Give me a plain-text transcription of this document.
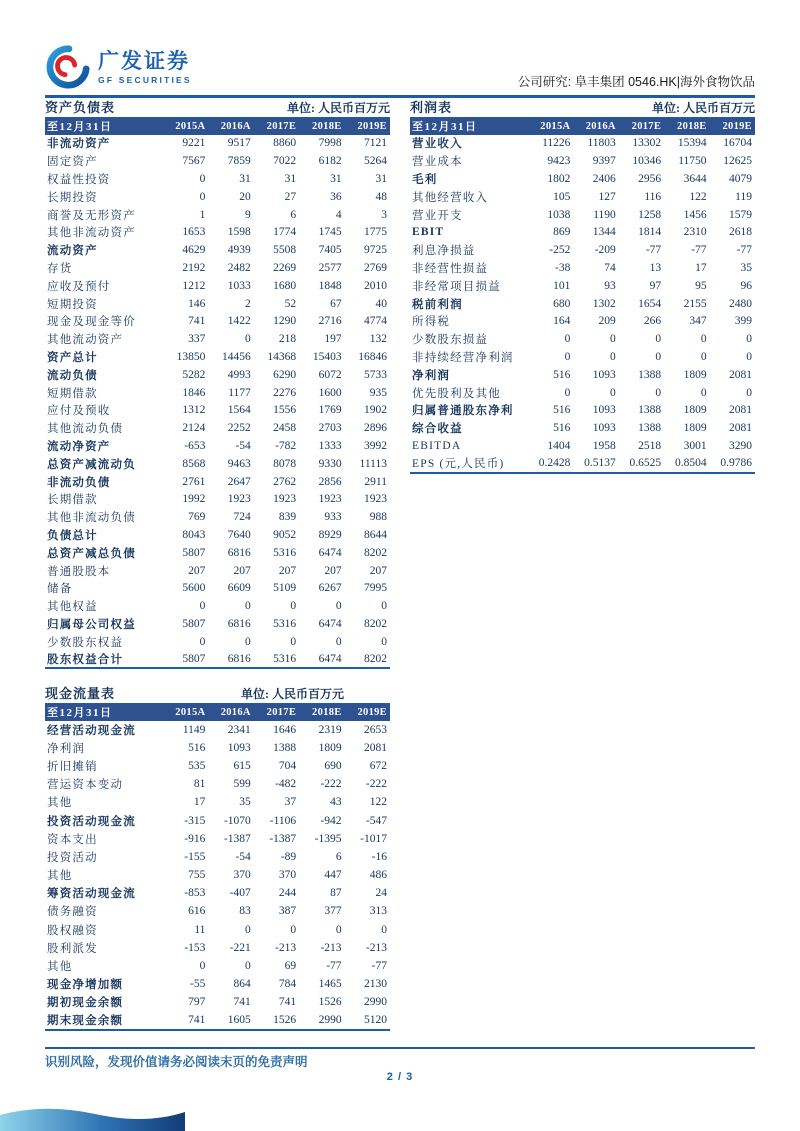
广发证券
GF SECURITIES	公司研究: 阜丰集团 0546.HK|海外食物饮品
资产负债表	单位: 人民币百万元
至12月31日	2015A	2016A	2017E	2018E	2019E
非流动资产	9221	9517	8860	7998	7121
固定资产	7567	7859	7022	6182	5264
权益性投资	0	31	31	31	31
长期投资	0	20	27	36	48
商誉及无形资产	1	9	6	4	3
其他非流动资产	1653	1598	1774	1745	1775
流动资产	4629	4939	5508	7405	9725
存货	2192	2482	2269	2577	2769
应收及预付	1212	1033	1680	1848	2010
短期投资	146	2	52	67	40
现金及现金等价	741	1422	1290	2716	4774
其他流动资产	337	0	218	197	132
资产总计	13850	14456	14368	15403	16846
流动负债	5282	4993	6290	6072	5733
短期借款	1846	1177	2276	1600	935
应付及预收	1312	1564	1556	1769	1902
其他流动负债	2124	2252	2458	2703	2896
流动净资产	-653	-54	-782	1333	3992
总资产减流动负	8568	9463	8078	9330	11113
非流动负债	2761	2647	2762	2856	2911
长期借款	1992	1923	1923	1923	1923
其他非流动负债	769	724	839	933	988
负债总计	8043	7640	9052	8929	8644
总资产减总负债	5807	6816	5316	6474	8202
普通股股本	207	207	207	207	207
储备	5600	6609	5109	6267	7995
其他权益	0	0	0	0	0
归属母公司权益	5807	6816	5316	6474	8202
少数股东权益	0	0	0	0	0
股东权益合计	5807	6816	5316	6474	8202
利润表	单位: 人民币百万元
至12月31日	2015A	2016A	2017E	2018E	2019E
营业收入	11226	11803	13302	15394	16704
营业成本	9423	9397	10346	11750	12625
毛利	1802	2406	2956	3644	4079
其他经营收入	105	127	116	122	119
营业开支	1038	1190	1258	1456	1579
EBIT	869	1344	1814	2310	2618
利息净损益	-252	-209	-77	-77	-77
非经营性损益	-38	74	13	17	35
非经常项目损益	101	93	97	95	96
税前利润	680	1302	1654	2155	2480
所得税	164	209	266	347	399
少数股东损益	0	0	0	0	0
非持续经营净利润	0	0	0	0	0
净利润	516	1093	1388	1809	2081
优先股利及其他	0	0	0	0	0
归属普通股东净利	516	1093	1388	1809	2081
综合收益	516	1093	1388	1809	2081
EBITDA	1404	1958	2518	3001	3290
EPS (元,人民币)	0.2428	0.5137	0.6525	0.8504	0.9786
现金流量表	单位: 人民币百万元
至12月31日	2015A	2016A	2017E	2018E	2019E
经营活动现金流	1149	2341	1646	2319	2653
净利润	516	1093	1388	1809	2081
折旧摊销	535	615	704	690	672
营运资本变动	81	599	-482	-222	-222
其他	17	35	37	43	122
投资活动现金流	-315	-1070	-1106	-942	-547
资本支出	-916	-1387	-1387	-1395	-1017
投资活动	-155	-54	-89	6	-16
其他	755	370	370	447	486
筹资活动现金流	-853	-407	244	87	24
债务融资	616	83	387	377	313
股权融资	11	0	0	0	0
股利派发	-153	-221	-213	-213	-213
其他	0	0	69	-77	-77
现金净增加额	-55	864	784	1465	2130
期初现金余额	797	741	741	1526	2990
期末现金余额	741	1605	1526	2990	5120
识别风险，发现价值请务必阅读末页的免责声明
2 / 3
